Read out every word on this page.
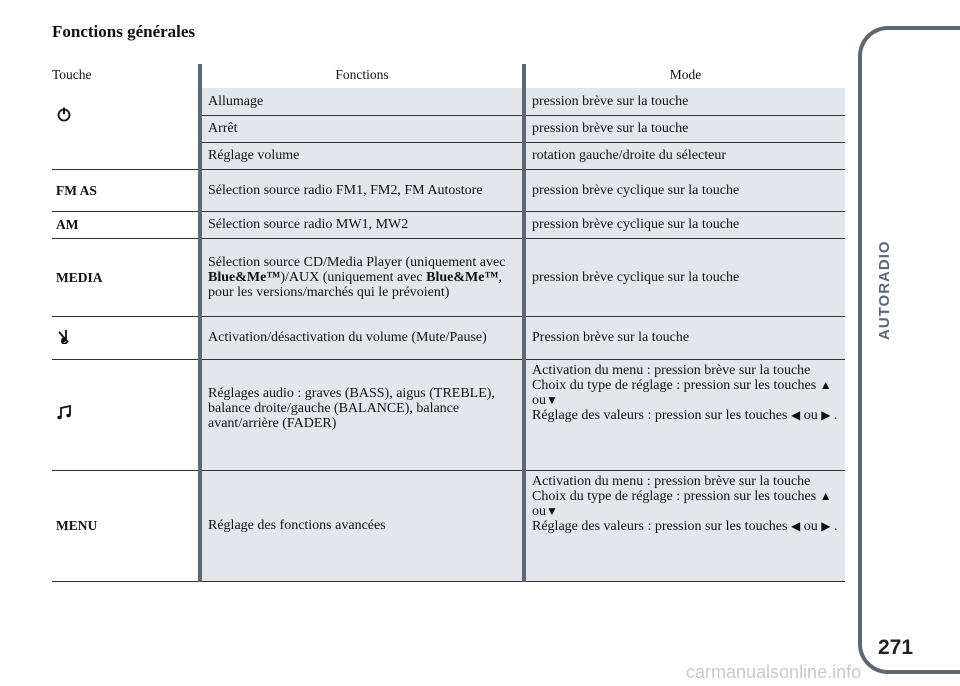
Fonctions générales
Touche	Fonctions	Mode
	Allumage	pression brève sur la touche
	Arrêt	pression brève sur la touche
	Réglage volume	rotation gauche/droite du sélecteur
FM AS	Sélection source radio FM1, FM2, FM Autostore	pression brève cyclique sur la touche
AM	Sélection source radio MW1, MW2	pression brève cyclique sur la touche
MEDIA	Sélection source CD/Media Player (uniquement avec Blue&Me™)/AUX (uniquement avec Blue&Me™, pour les versions/marchés qui le prévoient)	pression brève cyclique sur la touche
	Activation/désactivation du volume (Mute/Pause)	Pression brève sur la touche
	Réglages audio : graves (BASS), aigus (TREBLE), balance droite/gauche (BALANCE), balance avant/arrière (FADER)	Activation du menu : pression brève sur la touche
Choix du type de réglage : pression sur les touches ▲ou▼
Réglage des valeurs : pression sur les touches ◀ ou ▶ .
MENU	Réglage des fonctions avancées	Activation du menu : pression brève sur la touche
Choix du type de réglage : pression sur les touches ▲ou▼
Réglage des valeurs : pression sur les touches ◀ ou ▶ .
AUTORADIO
271
carmanualsonline.info
